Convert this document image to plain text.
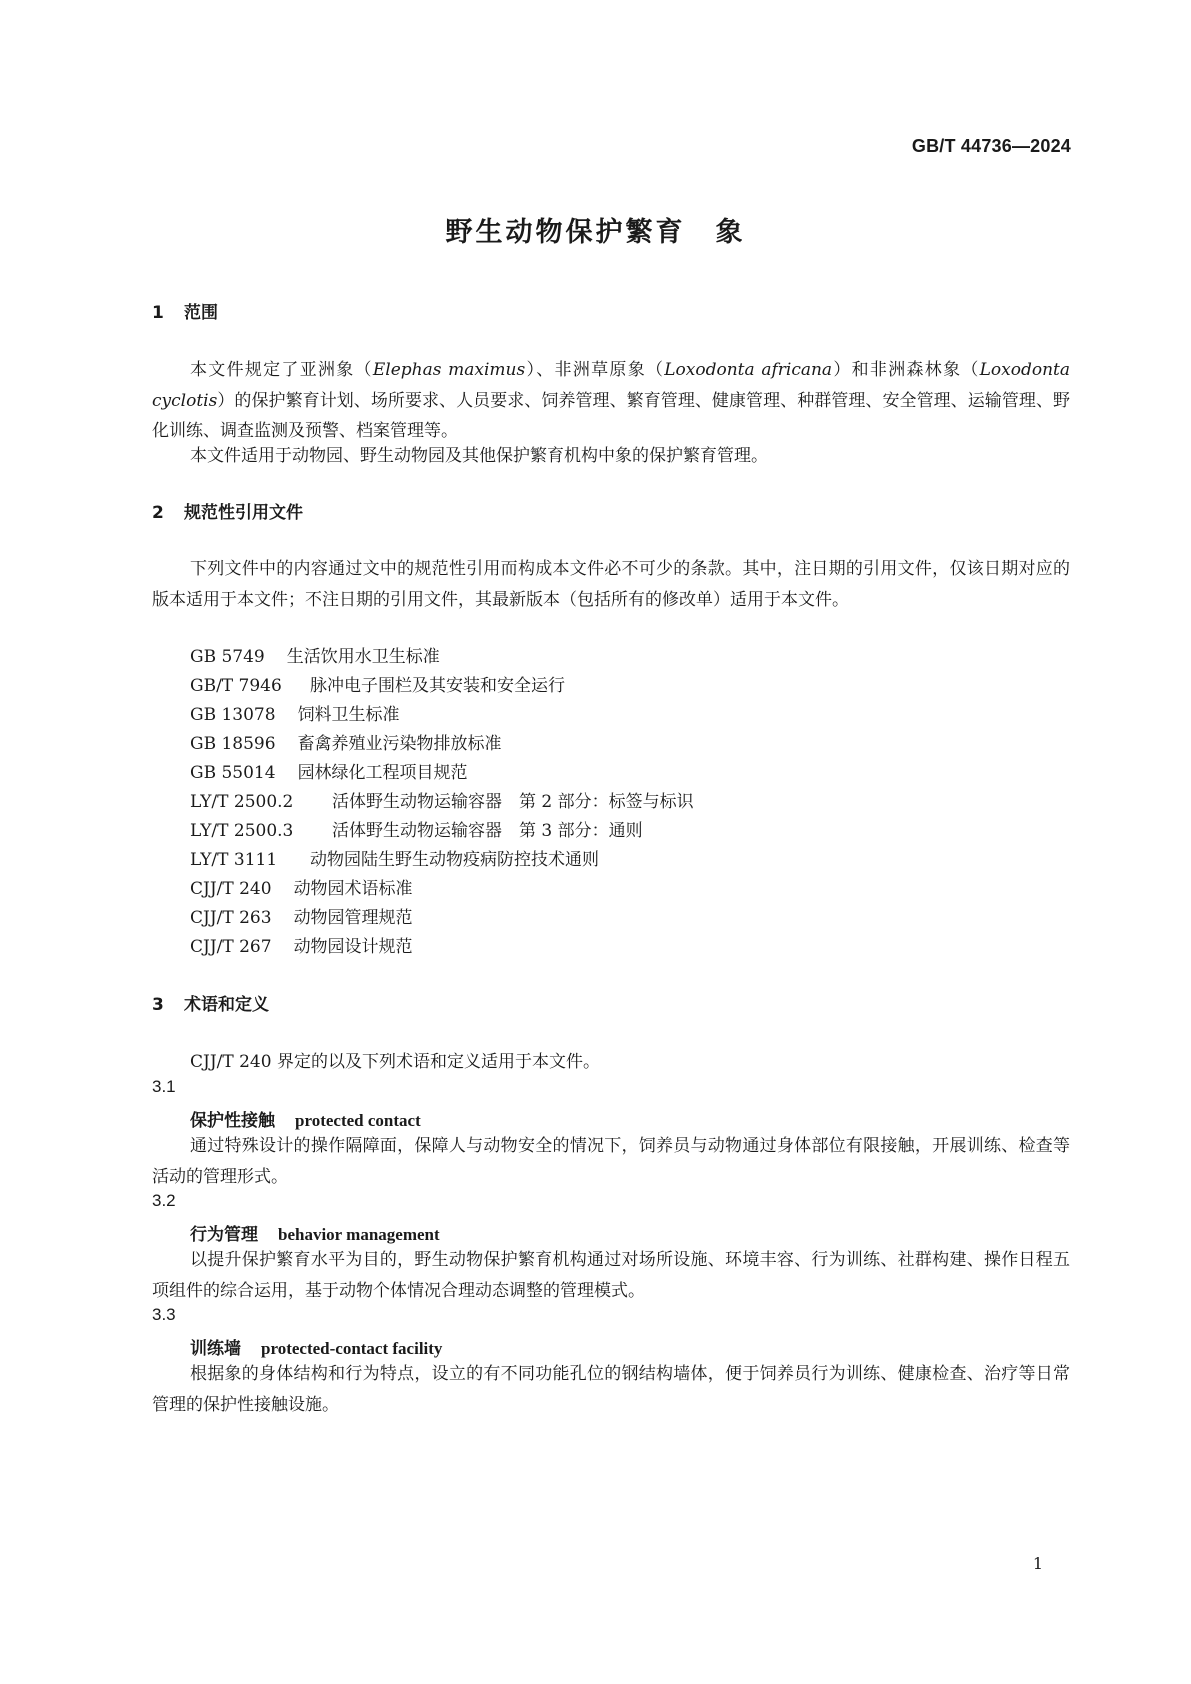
GB/T 44736—2024
野生动物保护繁育　象
1 范围
本文件规定了亚洲象（Elephas maximus）、非洲草原象（Loxodonta africana）和非洲森林象（Loxodonta cyclotis）的保护繁育计划、场所要求、人员要求、饲养管理、繁育管理、健康管理、种群管理、安全管理、运输管理、野化训练、调查监测及预警、档案管理等。
本文件适用于动物园、野生动物园及其他保护繁育机构中象的保护繁育管理。
2 规范性引用文件
下列文件中的内容通过文中的规范性引用而构成本文件必不可少的条款。其中，注日期的引用文件，仅该日期对应的版本适用于本文件；不注日期的引用文件，其最新版本（包括所有的修改单）适用于本文件。
GB 5749 生活饮用水卫生标准
GB/T 7946 脉冲电子围栏及其安装和安全运行
GB 13078 饲料卫生标准
GB 18596 畜禽养殖业污染物排放标准
GB 55014 园林绿化工程项目规范
LY/T 2500.2 活体野生动物运输容器　第 2 部分：标签与标识
LY/T 2500.3 活体野生动物运输容器　第 3 部分：通则
LY/T 3111 动物园陆生野生动物疫病防控技术通则
CJJ/T 240 动物园术语标准
CJJ/T 263 动物园管理规范
CJJ/T 267 动物园设计规范
3 术语和定义
CJJ/T 240 界定的以及下列术语和定义适用于本文件。
3.1
保护性接触 protected contact
通过特殊设计的操作隔障面，保障人与动物安全的情况下，饲养员与动物通过身体部位有限接触，开展训练、检查等活动的管理形式。
3.2
行为管理 behavior management
以提升保护繁育水平为目的，野生动物保护繁育机构通过对场所设施、环境丰容、行为训练、社群构建、操作日程五项组件的综合运用，基于动物个体情况合理动态调整的管理模式。
3.3
训练墙 protected-contact facility
根据象的身体结构和行为特点，设立的有不同功能孔位的钢结构墙体，便于饲养员行为训练、健康检查、治疗等日常管理的保护性接触设施。
1
